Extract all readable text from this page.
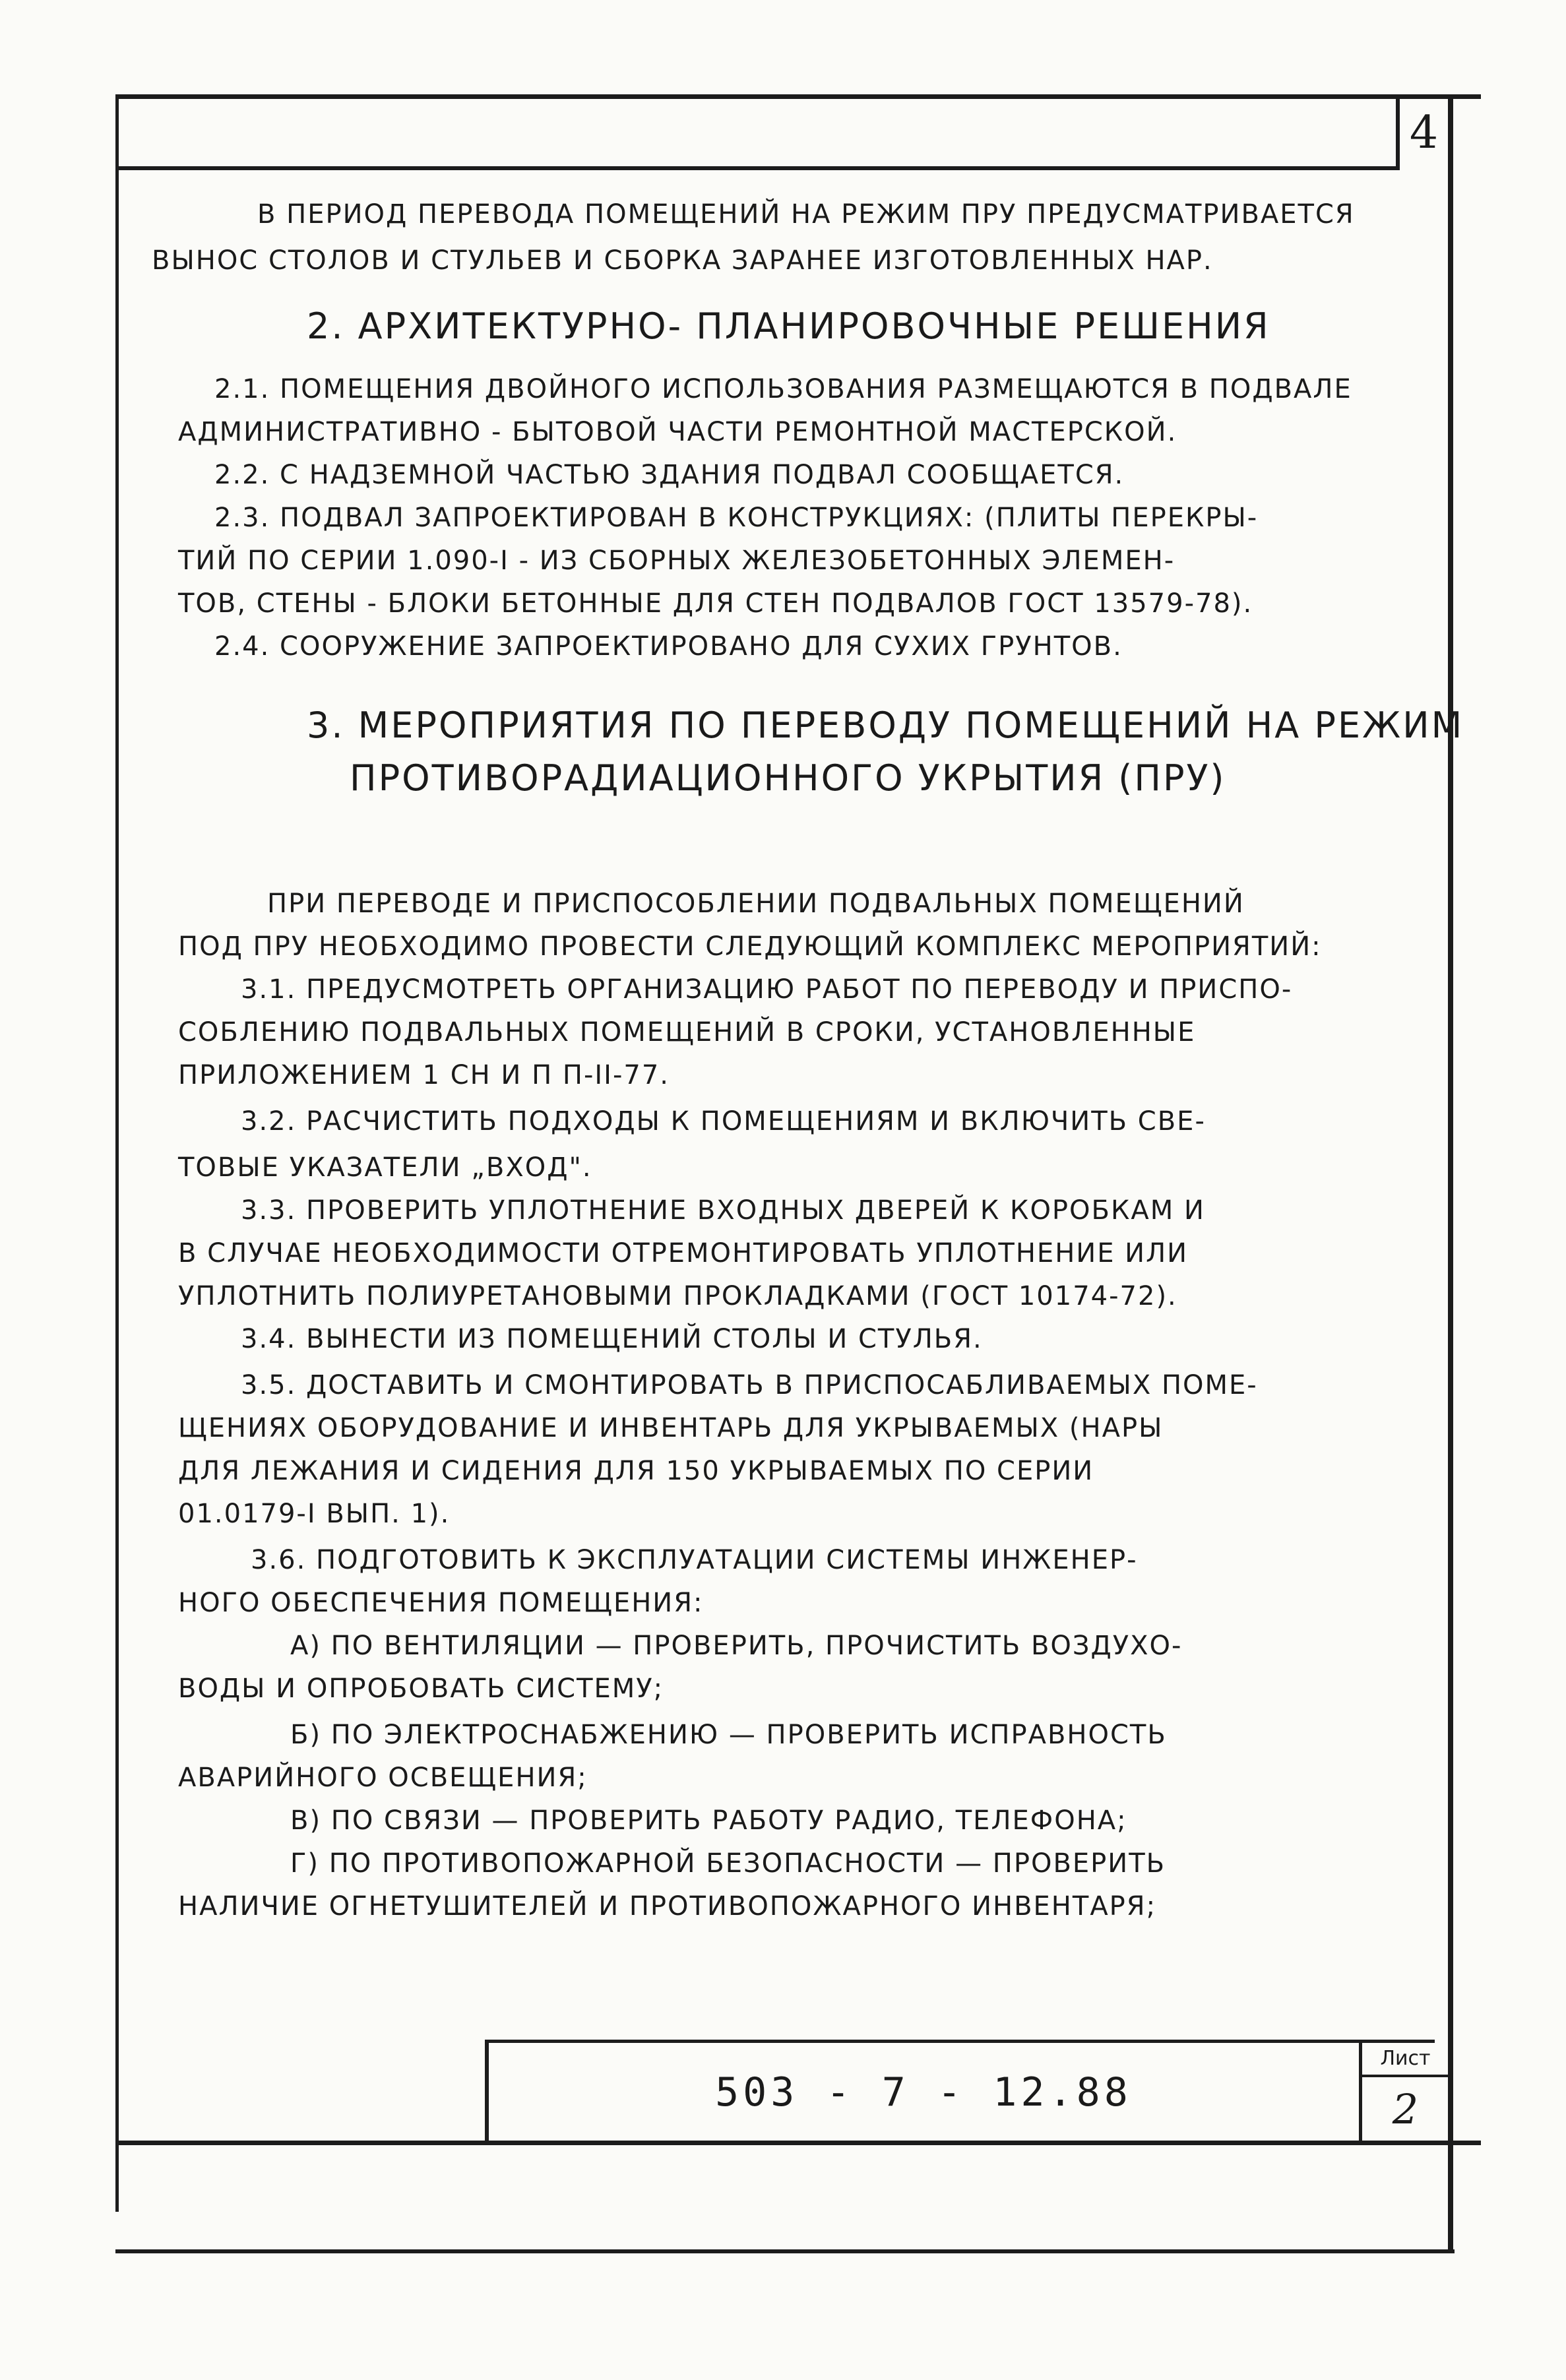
4
В ПЕРИОД ПЕРЕВОДА ПОМЕЩЕНИЙ НА РЕЖИМ ПРУ ПРЕДУСМАТРИВАЕТСЯ
ВЫНОС СТОЛОВ И СТУЛЬЕВ И СБОРКА ЗАРАНЕЕ ИЗГОТОВЛЕННЫХ НАР.
2. АРХИТЕКТУРНО- ПЛАНИРОВОЧНЫЕ РЕШЕНИЯ
2.1. ПОМЕЩЕНИЯ ДВОЙНОГО ИСПОЛЬЗОВАНИЯ РАЗМЕЩАЮТСЯ В ПОДВАЛЕ
АДМИНИСТРАТИВНО - БЫТОВОЙ ЧАСТИ РЕМОНТНОЙ МАСТЕРСКОЙ.
2.2. С НАДЗЕМНОЙ ЧАСТЬЮ ЗДАНИЯ ПОДВАЛ СООБЩАЕТСЯ.
2.3. ПОДВАЛ ЗАПРОЕКТИРОВАН В КОНСТРУКЦИЯХ: (ПЛИТЫ ПЕРЕКРЫ-
ТИЙ ПО СЕРИИ 1.090-I - ИЗ СБОРНЫХ ЖЕЛЕЗОБЕТОННЫХ ЭЛЕМЕН-
ТОВ, СТЕНЫ - БЛОКИ БЕТОННЫЕ ДЛЯ СТЕН ПОДВАЛОВ ГОСТ 13579-78).
2.4. СООРУЖЕНИЕ ЗАПРОЕКТИРОВАНО ДЛЯ СУХИХ ГРУНТОВ.
3. МЕРОПРИЯТИЯ ПО ПЕРЕВОДУ ПОМЕЩЕНИЙ НА РЕЖИМ
ПРОТИВОРАДИАЦИОННОГО УКРЫТИЯ (ПРУ)
ПРИ ПЕРЕВОДЕ И ПРИСПОСОБЛЕНИИ ПОДВАЛЬНЫХ ПОМЕЩЕНИЙ
ПОД ПРУ НЕОБХОДИМО ПРОВЕСТИ СЛЕДУЮЩИЙ КОМПЛЕКС МЕРОПРИЯТИЙ:
3.1. ПРЕДУСМОТРЕТЬ ОРГАНИЗАЦИЮ РАБОТ ПО ПЕРЕВОДУ И ПРИСПО-
СОБЛЕНИЮ ПОДВАЛЬНЫХ ПОМЕЩЕНИЙ В СРОКИ, УСТАНОВЛЕННЫЕ
ПРИЛОЖЕНИЕМ 1 СН И П П-II-77.
3.2. РАСЧИСТИТЬ ПОДХОДЫ К ПОМЕЩЕНИЯМ И ВКЛЮЧИТЬ СВЕ-
ТОВЫЕ УКАЗАТЕЛИ „ВХОД".
3.3. ПРОВЕРИТЬ УПЛОТНЕНИЕ ВХОДНЫХ ДВЕРЕЙ К КОРОБКАМ И
В СЛУЧАЕ НЕОБХОДИМОСТИ ОТРЕМОНТИРОВАТЬ УПЛОТНЕНИЕ ИЛИ
УПЛОТНИТЬ ПОЛИУРЕТАНОВЫМИ ПРОКЛАДКАМИ (ГОСТ 10174-72).
3.4. ВЫНЕСТИ ИЗ ПОМЕЩЕНИЙ СТОЛЫ И СТУЛЬЯ.
3.5. ДОСТАВИТЬ И СМОНТИРОВАТЬ В ПРИСПОСАБЛИВАЕМЫХ ПОМЕ-
ЩЕНИЯХ ОБОРУДОВАНИЕ И ИНВЕНТАРЬ ДЛЯ УКРЫВАЕМЫХ (НАРЫ
ДЛЯ ЛЕЖАНИЯ И СИДЕНИЯ ДЛЯ 150 УКРЫВАЕМЫХ ПО СЕРИИ
01.0179-I ВЫП. 1).
3.6. ПОДГОТОВИТЬ К ЭКСПЛУАТАЦИИ СИСТЕМЫ ИНЖЕНЕР-
НОГО ОБЕСПЕЧЕНИЯ ПОМЕЩЕНИЯ:
А) ПО ВЕНТИЛЯЦИИ — ПРОВЕРИТЬ, ПРОЧИСТИТЬ ВОЗДУХО-
ВОДЫ И ОПРОБОВАТЬ СИСТЕМУ;
Б) ПО ЭЛЕКТРОСНАБЖЕНИЮ — ПРОВЕРИТЬ ИСПРАВНОСТЬ
АВАРИЙНОГО ОСВЕЩЕНИЯ;
В) ПО СВЯЗИ — ПРОВЕРИТЬ РАБОТУ РАДИО, ТЕЛЕФОНА;
Г) ПО ПРОТИВОПОЖАРНОЙ БЕЗОПАСНОСТИ — ПРОВЕРИТЬ
НАЛИЧИЕ ОГНЕТУШИТЕЛЕЙ И ПРОТИВОПОЖАРНОГО ИНВЕНТАРЯ;
503 - 7 - 12.88
Лист
2
